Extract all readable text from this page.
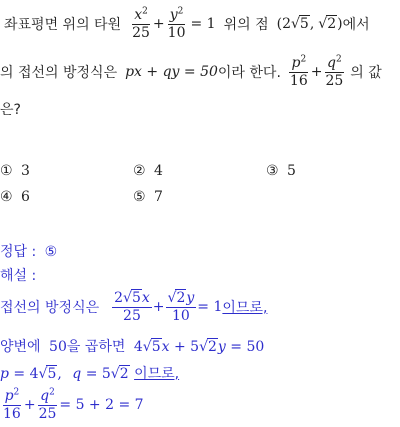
좌표평면 위의 타원 $\frac{x^2}{25} + \frac{y^2}{10} = 1$ 위의 점 (2 √5 , √2 ) 에서
의 접선의 방정식은 px + qy = 50 이라 한다. $\frac{p^2}{16} + \frac{q^2}{25}$ 의 값
은?
① 3	② 4	③ 5
④ 6	⑤ 7
정답 : ⑤
해설 :
접선의 방정식은 $\frac{2√5x}{25} + \frac{√2y}{10} = 1$ 이므로,
양변에 50을 곱하면 4√5x + 5√2y = 50
p = 4√5, q = 5√2 이므로,
$\frac{p^2}{16} + \frac{q^2}{25} = 5 + 2 = 7$
